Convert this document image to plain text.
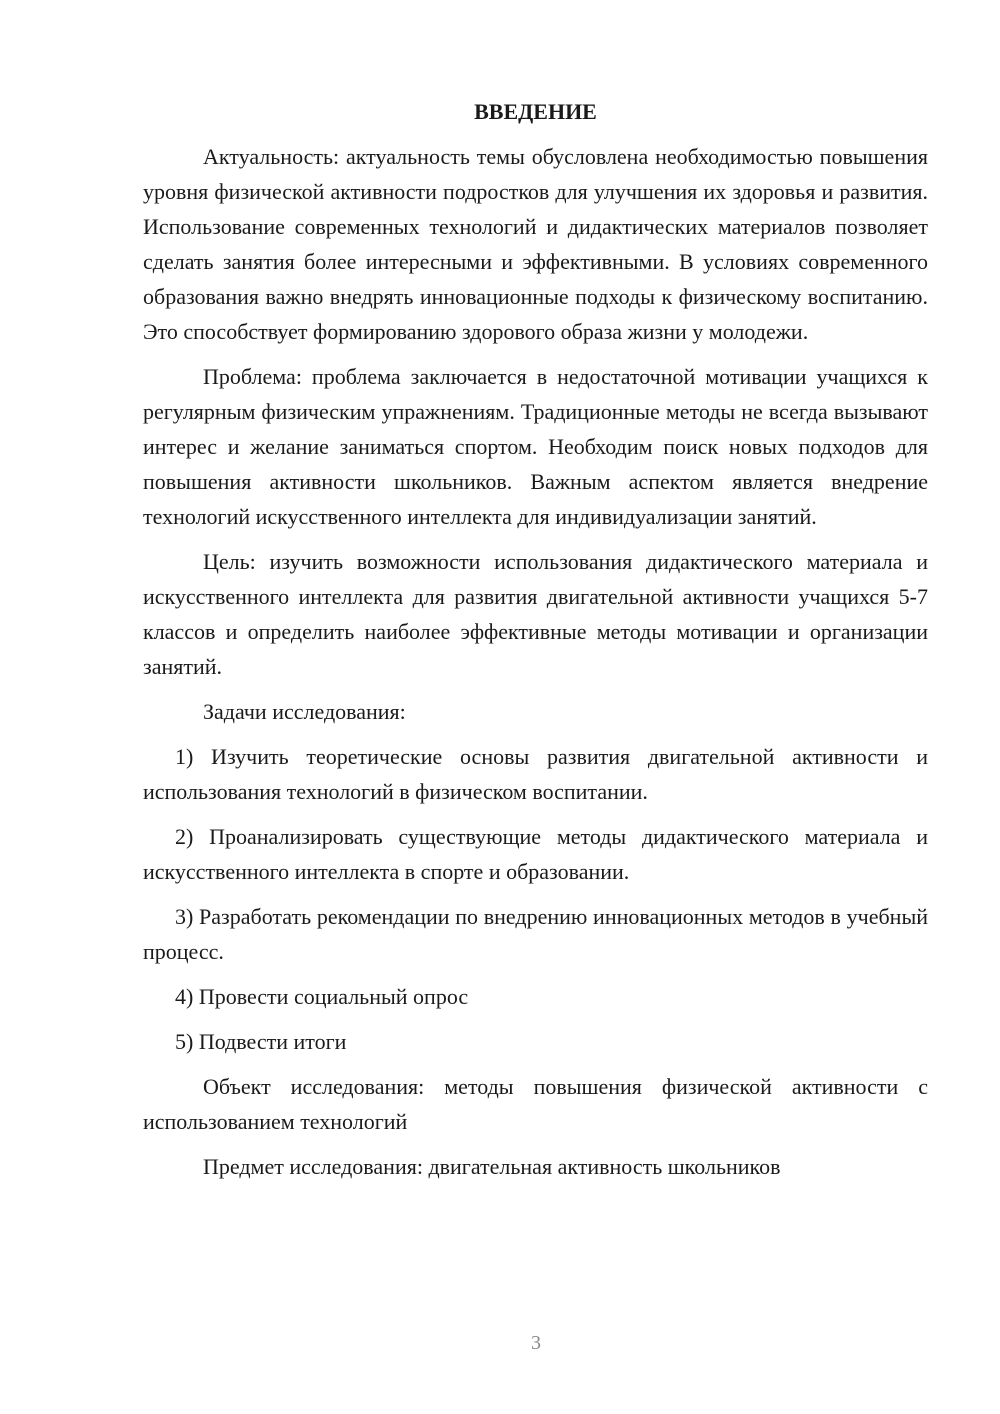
ВВЕДЕНИЕ

Актуальность: актуальность темы обусловлена необходимостью повышения уровня физической активности подростков для улучшения их здоровья и развития. Использование современных технологий и дидактических материалов позволяет сделать занятия более интересными и эффективными. В условиях современного образования важно внедрять инновационные подходы к физическому воспитанию. Это способствует формированию здорового образа жизни у молодежи.

Проблема: проблема заключается в недостаточной мотивации учащихся к регулярным физическим упражнениям. Традиционные методы не всегда вызывают интерес и желание заниматься спортом. Необходим поиск новых подходов для повышения активности школьников. Важным аспектом является внедрение технологий искусственного интеллекта для индивидуализации занятий.

Цель: изучить возможности использования дидактического материала и искусственного интеллекта для развития двигательной активности учащихся 5-7 классов и определить наиболее эффективные методы мотивации и организации занятий.

Задачи исследования:

1) Изучить теоретические основы развития двигательной активности и использования технологий в физическом воспитании.

2) Проанализировать существующие методы дидактического материала и искусственного интеллекта в спорте и образовании.

3) Разработать рекомендации по внедрению инновационных методов в учебный процесс.

4) Провести социальный опрос

5) Подвести итоги

Объект исследования: методы повышения физической активности с использованием технологий

Предмет исследования: двигательная активность школьников

3
